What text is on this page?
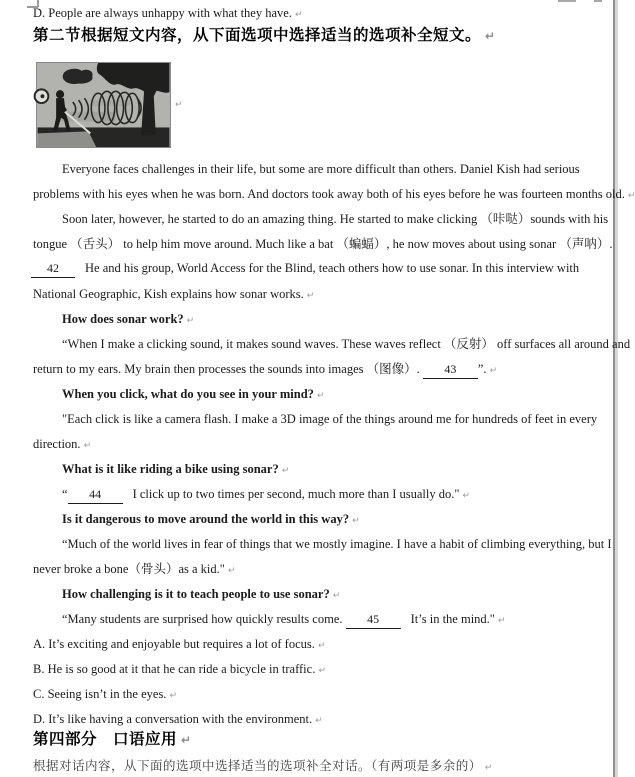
D. People are always unhappy with what they have. ↵
第二节根据短文内容，从下面选项中选择适当的选项补全短文。 ↵
↵
Everyone faces challenges in their life, but some are more difficult than others. Daniel Kish had serious
problems with his eyes when he was born. And doctors took away both of his eyes before he was fourteen months old. ↵
Soon later, however, he started to do an amazing thing. He started to make clicking （咔哒）sounds with his
tongue （舌头） to help him move around. Much like a bat （蝙蝠）, he now moves about using sonar （声呐）.
42 He and his group, World Access for the Blind, teach others how to use sonar. In this interview with
National Geographic, Kish explains how sonar works. ↵
How does sonar work? ↵
“When I make a clicking sound, it makes sound waves. These waves reflect （反射） off surfaces all around and
return to my ears. My brain then processes the sounds into images （图像）. 43 ”. ↵
When you click, what do you see in your mind? ↵
"Each click is like a camera flash. I make a 3D image of the things around me for hundreds of feet in every
direction. ↵
What is it like riding a bike using sonar? ↵
“ 44	I click up to two times per second, much more than I usually do." ↵
Is it dangerous to move around the world in this way? ↵
“Much of the world lives in fear of things that we mostly imagine. I have a habit of climbing everything, but I
never broke a bone（骨头）as a kid." ↵
How challenging is it to teach people to use sonar? ↵
“Many students are surprised how quickly results come. 45	It’s in the mind." ↵
A. It’s exciting and enjoyable but requires a lot of focus. ↵
B. He is so good at it that he can ride a bicycle in traffic. ↵
C. Seeing isn’t in the eyes. ↵
D. It’s like having a conversation with the environment. ↵
第四部分　口语应用 ↵
根据对话内容，从下面的选项中选择适当的选项补全对话。（有两项是多余的） ↵
